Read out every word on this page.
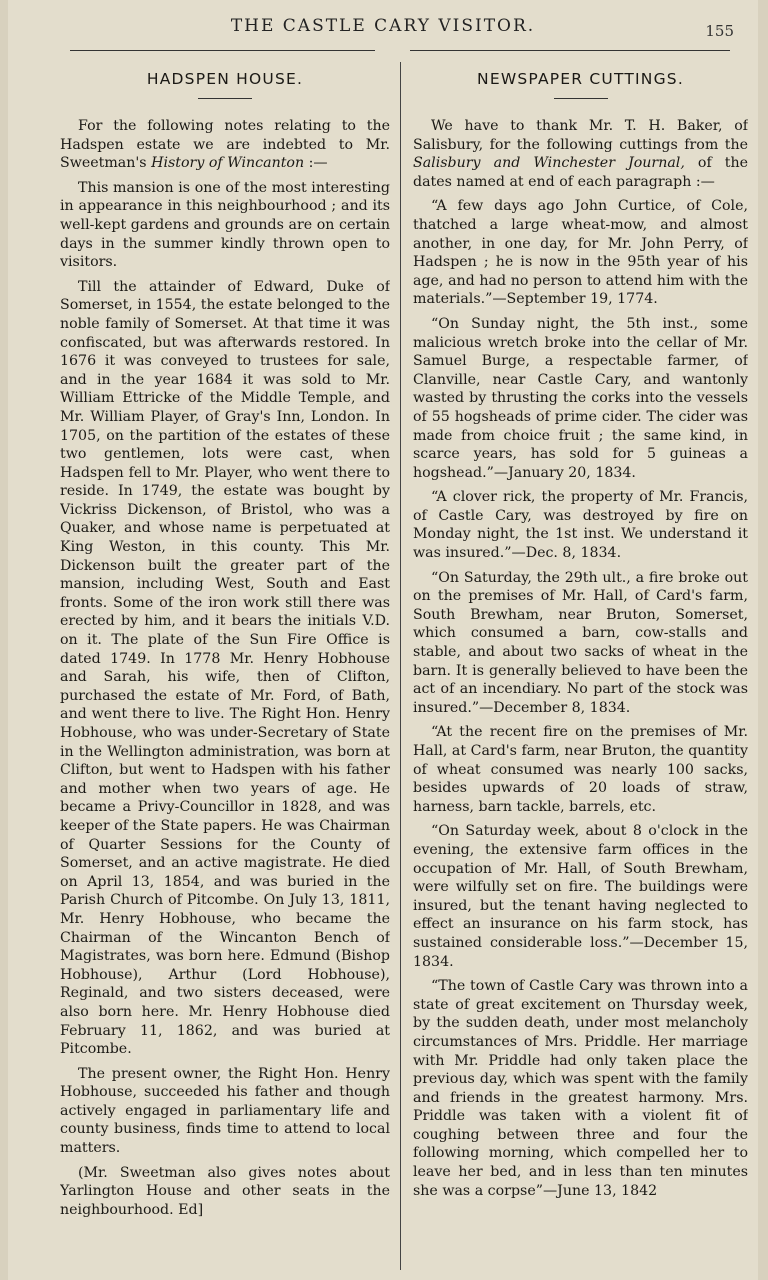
THE CASTLE CARY VISITOR.	155
HADSPEN HOUSE.

For the following notes relating to the Hadspen estate we are indebted to Mr. Sweetman's History of Wincanton :—

This mansion is one of the most interesting in appearance in this neighbourhood ; and its well-kept gardens and grounds are on certain days in the summer kindly thrown open to visitors.

Till the attainder of Edward, Duke of Somerset, in 1554, the estate belonged to the noble family of Somerset. At that time it was confiscated, but was afterwards restored. In 1676 it was conveyed to trustees for sale, and in the year 1684 it was sold to Mr. William Ettricke of the Middle Temple, and Mr. William Player, of Gray's Inn, London. In 1705, on the partition of the estates of these two gentlemen, lots were cast, when Hadspen fell to Mr. Player, who went there to reside. In 1749, the estate was bought by Vickriss Dickenson, of Bristol, who was a Quaker, and whose name is perpetuated at King Weston, in this county. This Mr. Dickenson built the greater part of the mansion, including West, South and East fronts. Some of the iron work still there was erected by him, and it bears the initials V.D. on it. The plate of the Sun Fire Office is dated 1749. In 1778 Mr. Henry Hobhouse and Sarah, his wife, then of Clifton, purchased the estate of Mr. Ford, of Bath, and went there to live. The Right Hon. Henry Hobhouse, who was under-Secretary of State in the Wellington administration, was born at Clifton, but went to Hadspen with his father and mother when two years of age. He became a Privy-Councillor in 1828, and was keeper of the State papers. He was Chairman of Quarter Sessions for the County of Somerset, and an active magistrate. He died on April 13, 1854, and was buried in the Parish Church of Pitcombe. On July 13, 1811, Mr. Henry Hobhouse, who became the Chairman of the Wincanton Bench of Magistrates, was born here. Edmund (Bishop Hobhouse), Arthur (Lord Hobhouse), Reginald, and two sisters deceased, were also born here. Mr. Henry Hobhouse died February 11, 1862, and was buried at Pitcombe.

The present owner, the Right Hon. Henry Hobhouse, succeeded his father and though actively engaged in parliamentary life and county business, finds time to attend to local matters.

(Mr. Sweetman also gives notes about Yarlington House and other seats in the neighbourhood. Ed]

NEWSPAPER CUTTINGS.

We have to thank Mr. T. H. Baker, of Salisbury, for the following cuttings from the Salisbury and Winchester Journal, of the dates named at end of each paragraph :—

“A few days ago John Curtice, of Cole, thatched a large wheat-mow, and almost another, in one day, for Mr. John Perry, of Hadspen ; he is now in the 95th year of his age, and had no person to attend him with the materials.”—September 19, 1774.

“On Sunday night, the 5th inst., some malicious wretch broke into the cellar of Mr. Samuel Burge, a respectable farmer, of Clanville, near Castle Cary, and wantonly wasted by thrusting the corks into the vessels of 55 hogsheads of prime cider. The cider was made from choice fruit ; the same kind, in scarce years, has sold for 5 guineas a hogshead.”—January 20, 1834.

“A clover rick, the property of Mr. Francis, of Castle Cary, was destroyed by fire on Monday night, the 1st inst. We understand it was insured.”—Dec. 8, 1834.

“On Saturday, the 29th ult., a fire broke out on the premises of Mr. Hall, of Card's farm, South Brewham, near Bruton, Somerset, which consumed a barn, cow-stalls and stable, and about two sacks of wheat in the barn. It is generally believed to have been the act of an incendiary. No part of the stock was insured.”—December 8, 1834.

“At the recent fire on the premises of Mr. Hall, at Card's farm, near Bruton, the quantity of wheat consumed was nearly 100 sacks, besides upwards of 20 loads of straw, harness, barn tackle, barrels, etc.

“On Saturday week, about 8 o'clock in the evening, the extensive farm offices in the occupation of Mr. Hall, of South Brewham, were wilfully set on fire. The buildings were insured, but the tenant having neglected to effect an insurance on his farm stock, has sustained considerable loss.”—December 15, 1834.

“The town of Castle Cary was thrown into a state of great excitement on Thursday week, by the sudden death, under most melancholy circumstances of Mrs. Priddle. Her marriage with Mr. Priddle had only taken place the previous day, which was spent with the family and friends in the greatest harmony. Mrs. Priddle was taken with a violent fit of coughing between three and four the following morning, which compelled her to leave her bed, and in less than ten minutes she was a corpse”—June 13, 1842
